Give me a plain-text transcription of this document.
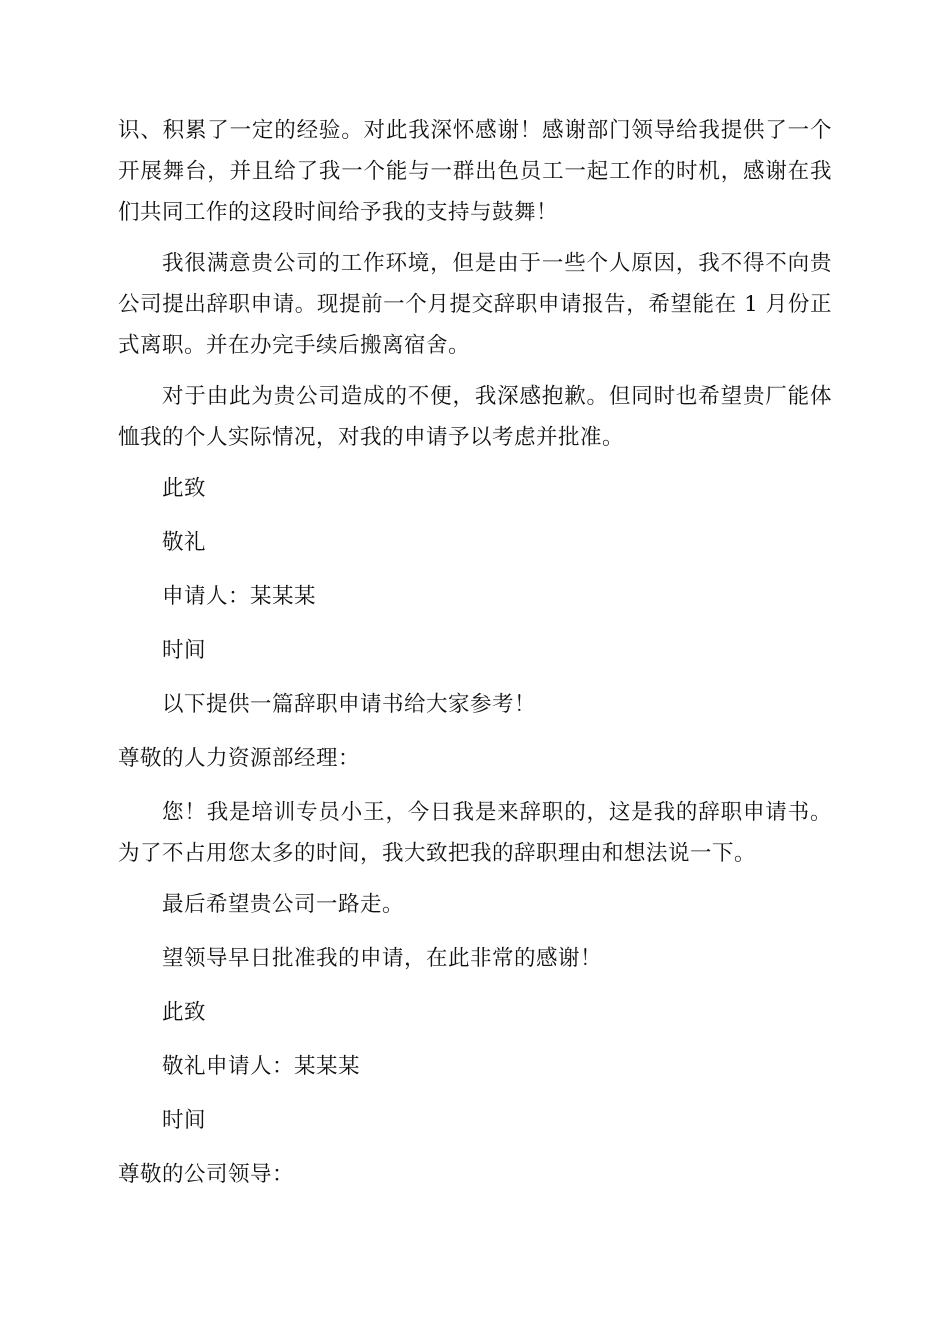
识、积累了一定的经验。对此我深怀感谢！感谢部门领导给我提供了一个开展舞台，并且给了我一个能与一群出色员工一起工作的时机，感谢在我们共同工作的这段时间给予我的支持与鼓舞！

我很满意贵公司的工作环境，但是由于一些个人原因，我不得不向贵公司提出辞职申请。现提前一个月提交辞职申请报告，希望能在 1 月份正式离职。并在办完手续后搬离宿舍。

对于由此为贵公司造成的不便，我深感抱歉。但同时也希望贵厂能体恤我的个人实际情况，对我的申请予以考虑并批准。

此致
敬礼
申请人：某某某
时间
以下提供一篇辞职申请书给大家参考！
尊敬的人力资源部经理：

您！我是培训专员小王，今日我是来辞职的，这是我的辞职申请书。为了不占用您太多的时间，我大致把我的辞职理由和想法说一下。

最后希望贵公司一路走。
望领导早日批准我的申请，在此非常的感谢！
此致
敬礼申请人：某某某
时间
尊敬的公司领导：
